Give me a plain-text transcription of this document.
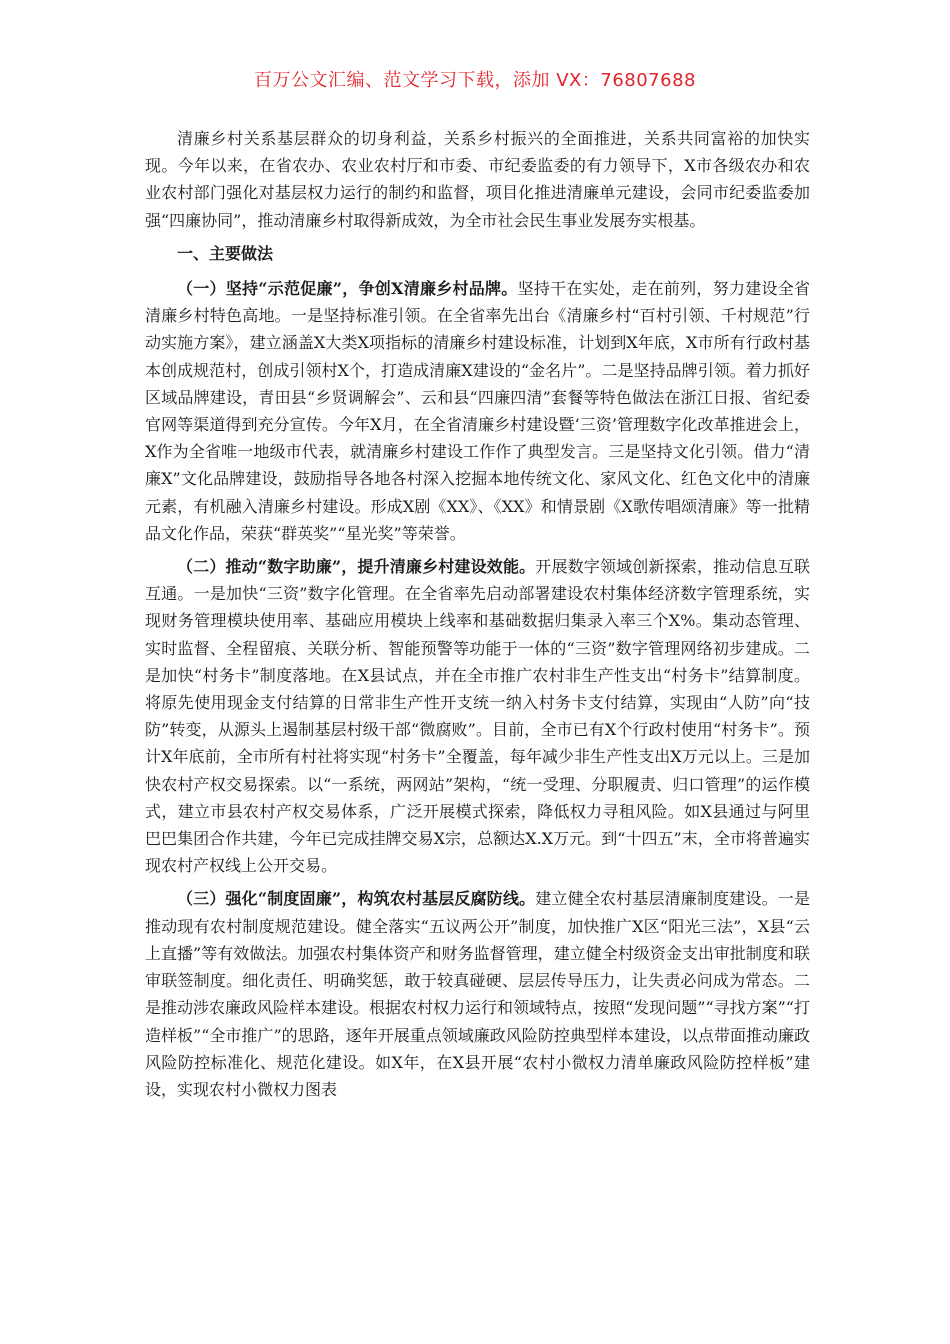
百万公文汇编、范文学习下载，添加 VX：76807688

清廉乡村关系基层群众的切身利益，关系乡村振兴的全面推进，关系共同富裕的加快实现。今年以来，在省农办、农业农村厅和市委、市纪委监委的有力领导下，X市各级农办和农业农村部门强化对基层权力运行的制约和监督，项目化推进清廉单元建设，会同市纪委监委加强“四廉协同”，推动清廉乡村取得新成效，为全市社会民生事业发展夯实根基。

一、主要做法

（一）坚持“示范促廉”，争创X清廉乡村品牌。坚持干在实处，走在前列，努力建设全省清廉乡村特色高地。一是坚持标准引领。在全省率先出台《清廉乡村“百村引领、千村规范”行动实施方案》，建立涵盖X大类X项指标的清廉乡村建设标准，计划到X年底，X市所有行政村基本创成规范村，创成引领村X个，打造成清廉X建设的“金名片”。二是坚持品牌引领。着力抓好区域品牌建设，青田县“乡贤调解会”、云和县“四廉四清”套餐等特色做法在浙江日报、省纪委官网等渠道得到充分宣传。今年X月，在全省清廉乡村建设暨‘三资’管理数字化改革推进会上，X作为全省唯一地级市代表，就清廉乡村建设工作作了典型发言。三是坚持文化引领。借力“清廉X”文化品牌建设，鼓励指导各地各村深入挖掘本地传统文化、家风文化、红色文化中的清廉元素，有机融入清廉乡村建设。形成X剧《XX》、《XX》和情景剧《X歌传唱颂清廉》等一批精品文化作品，荣获“群英奖”“星光奖”等荣誉。

（二）推动“数字助廉”，提升清廉乡村建设效能。开展数字领域创新探索，推动信息互联互通。一是加快“三资”数字化管理。在全省率先启动部署建设农村集体经济数字管理系统，实现财务管理模块使用率、基础应用模块上线率和基础数据归集录入率三个X%。集动态管理、实时监督、全程留痕、关联分析、智能预警等功能于一体的“三资”数字管理网络初步建成。二是加快“村务卡”制度落地。在X县试点，并在全市推广农村非生产性支出“村务卡”结算制度。将原先使用现金支付结算的日常非生产性开支统一纳入村务卡支付结算，实现由“人防”向“技防”转变，从源头上遏制基层村级干部“微腐败”。目前，全市已有X个行政村使用“村务卡”。预计X年底前，全市所有村社将实现“村务卡”全覆盖，每年减少非生产性支出X万元以上。三是加快农村产权交易探索。以“一系统，两网站”架构，“统一受理、分职履责、归口管理”的运作模式，建立市县农村产权交易体系，广泛开展模式探索，降低权力寻租风险。如X县通过与阿里巴巴集团合作共建，今年已完成挂牌交易X宗，总额达X.X万元。到“十四五”末，全市将普遍实现农村产权线上公开交易。

（三）强化“制度固廉”，构筑农村基层反腐防线。建立健全农村基层清廉制度建设。一是推动现有农村制度规范建设。健全落实“五议两公开”制度，加快推广X区“阳光三法”，X县“云上直播”等有效做法。加强农村集体资产和财务监督管理，建立健全村级资金支出审批制度和联审联签制度。细化责任、明确奖惩，敢于较真碰硬、层层传导压力，让失责必问成为常态。二是推动涉农廉政风险样本建设。根据农村权力运行和领域特点，按照“发现问题”“寻找方案”“打造样板”“全市推广”的思路，逐年开展重点领域廉政风险防控典型样本建设，以点带面推动廉政风险防控标准化、规范化建设。如X年，在X县开展“农村小微权力清单廉政风险防控样板”建设，实现农村小微权力图表
